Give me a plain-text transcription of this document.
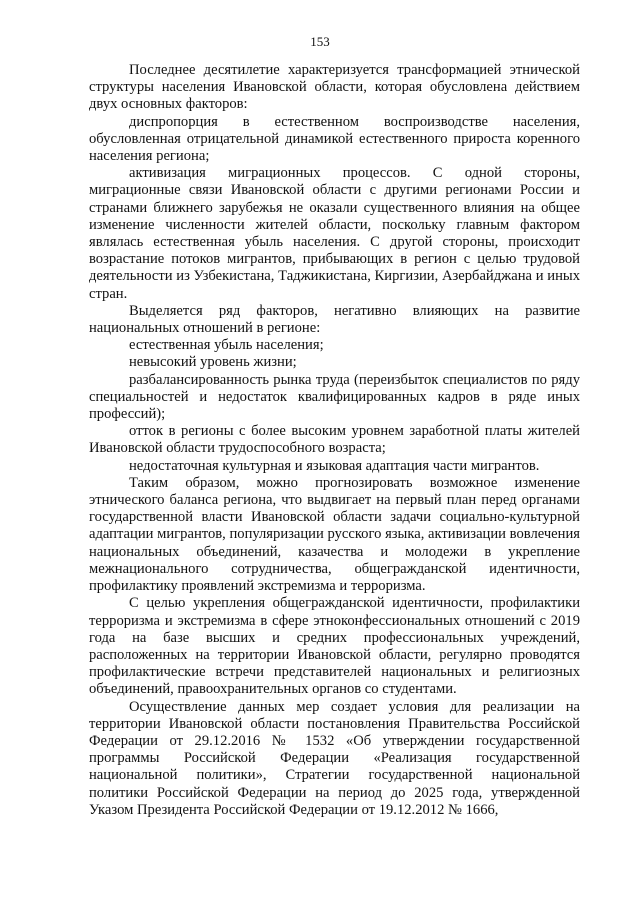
153

Последнее десятилетие характеризуется трансформацией этнической структуры населения Ивановской области, которая обусловлена действием двух основных факторов:

диспропорция в естественном воспроизводстве населения, обусловленная отрицательной динамикой естественного прироста коренного населения региона;

активизация миграционных процессов. С одной стороны, миграционные связи Ивановской области с другими регионами России и странами ближнего зарубежья не оказали существенного влияния на общее изменение численности жителей области, поскольку главным фактором являлась естественная убыль населения. С другой стороны, происходит возрастание потоков мигрантов, прибывающих в регион с целью трудовой деятельности из Узбекистана, Таджикистана, Киргизии, Азербайджана и иных стран.

Выделяется ряд факторов, негативно влияющих на развитие национальных отношений в регионе:

естественная убыль населения;

невысокий уровень жизни;

разбалансированность рынка труда (переизбыток специалистов по ряду специальностей и недостаток квалифицированных кадров в ряде иных профессий);

отток в регионы с более высоким уровнем заработной платы жителей Ивановской области трудоспособного возраста;

недостаточная культурная и языковая адаптация части мигрантов.

Таким образом, можно прогнозировать возможное изменение этнического баланса региона, что выдвигает на первый план перед органами государственной власти Ивановской области задачи социально-культурной адаптации мигрантов, популяризации русского языка, активизации вовлечения национальных объединений, казачества и молодежи в укрепление межнационального сотрудничества, общегражданской идентичности, профилактику проявлений экстремизма и терроризма.

С целью укрепления общегражданской идентичности, профилактики терроризма и экстремизма в сфере этноконфессиональных отношений с 2019 года на базе высших и средних профессиональных учреждений, расположенных на территории Ивановской области, регулярно проводятся профилактические встречи представителей национальных и религиозных объединений, правоохранительных органов со студентами.

Осуществление данных мер создает условия для реализации на территории Ивановской области постановления Правительства Российской Федерации от 29.12.2016 № 1532 «Об утверждении государственной программы Российской Федерации «Реализация государственной национальной политики», Стратегии государственной национальной политики Российской Федерации на период до 2025 года, утвержденной Указом Президента Российской Федерации от 19.12.2012 № 1666,
